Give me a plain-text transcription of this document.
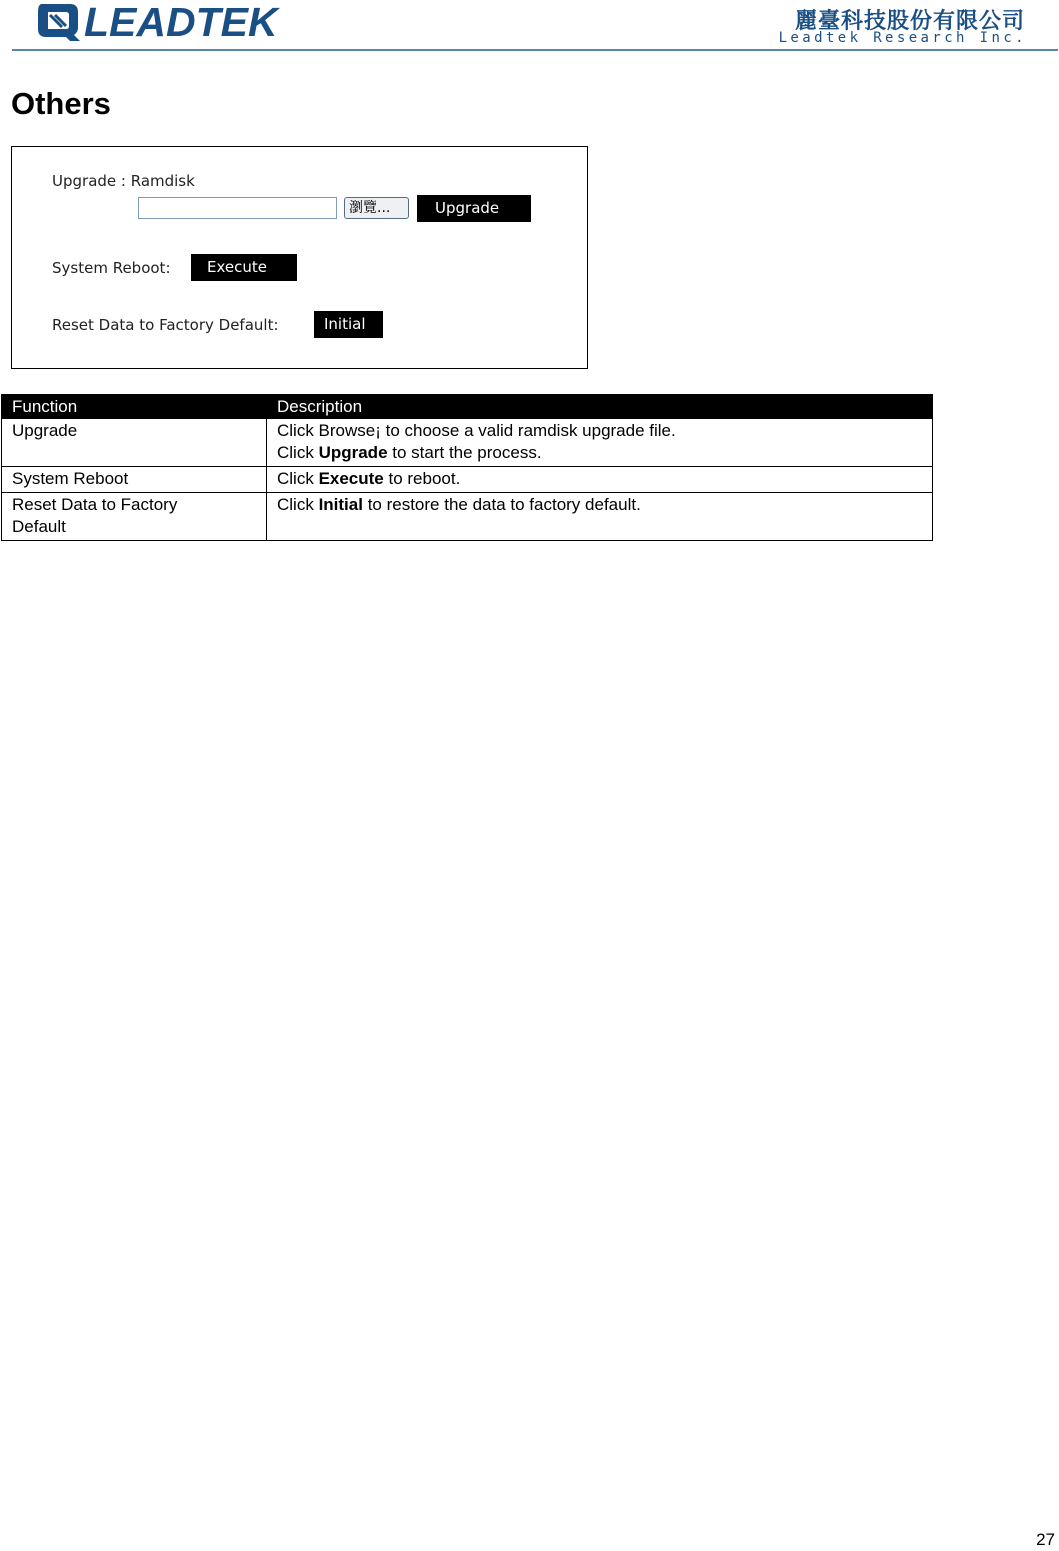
LEADTEK	麗臺科技股份有限公司
Leadtek Research Inc.
Others
Upgrade : Ramdisk
瀏覽...	Upgrade
System Reboot:	Execute
Reset Data to Factory Default:	Initial
Function	Description
Upgrade	Click Browse¡ to choose a valid ramdisk upgrade file.
Click Upgrade to start the process.

System Reboot	Click Execute to reboot.

Reset Data to Factory
Default	Click Initial to restore the data to factory default.
27
